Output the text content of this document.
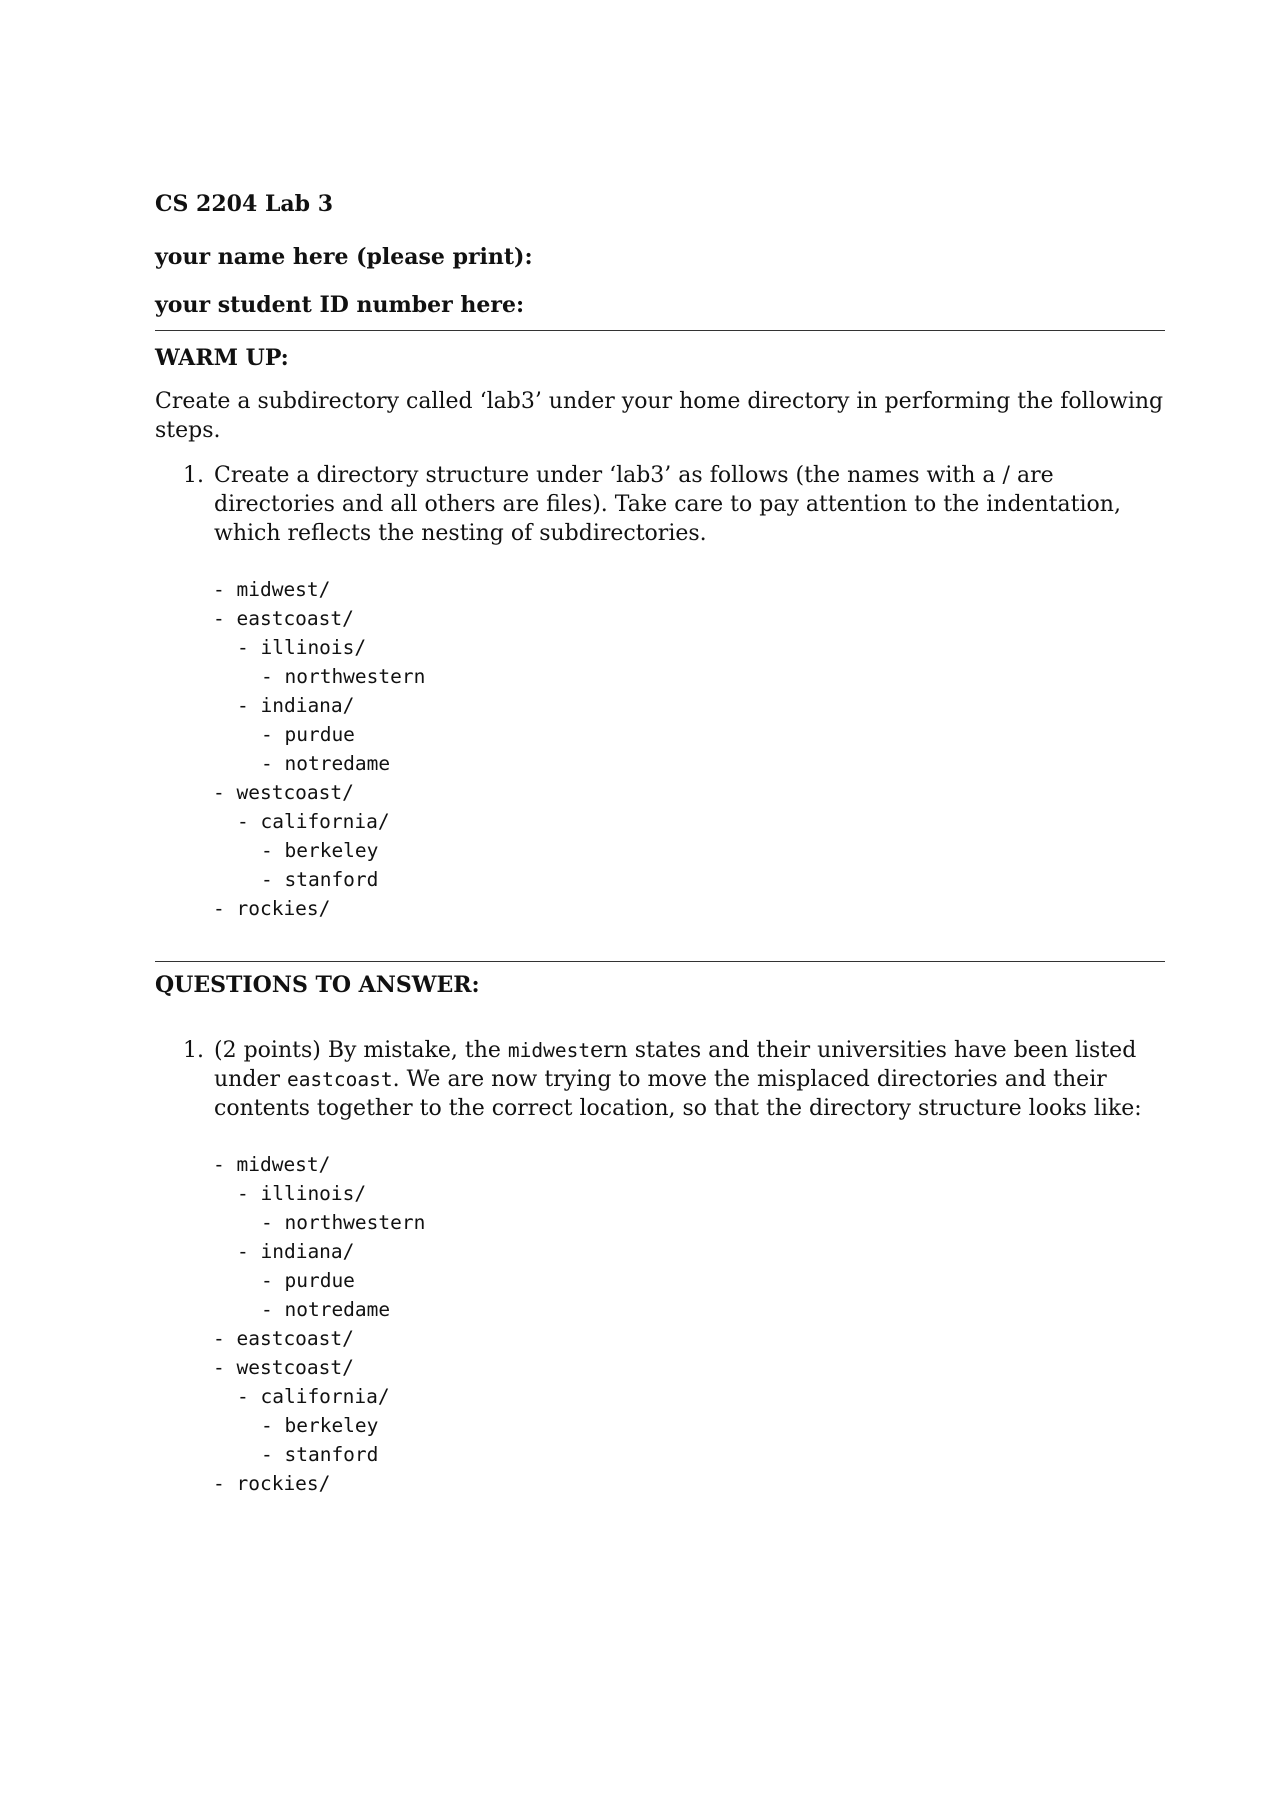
CS 2204 Lab 3
your name here (please print):
your student ID number here:
WARM UP:

Create a subdirectory called ‘lab3’ under your home directory in performing the following steps.

1. Create a directory structure under ‘lab3’ as follows (the names with a / are directories and all others are files). Take care to pay attention to the indentation, which reflects the nesting of subdirectories.
- midwest/
- eastcoast/
- illinois/
- northwestern
- indiana/
- purdue
- notredame
- westcoast/
- california/
- berkeley
- stanford
- rockies/
QUESTIONS TO ANSWER:
1. (2 points) By mistake, the midwestern states and their universities have been listed under eastcoast. We are now trying to move the misplaced directories and their contents together to the correct location, so that the directory structure looks like:
- midwest/
- illinois/
- northwestern
- indiana/
- purdue
- notredame
- eastcoast/
- westcoast/
- california/
- berkeley
- stanford
- rockies/
